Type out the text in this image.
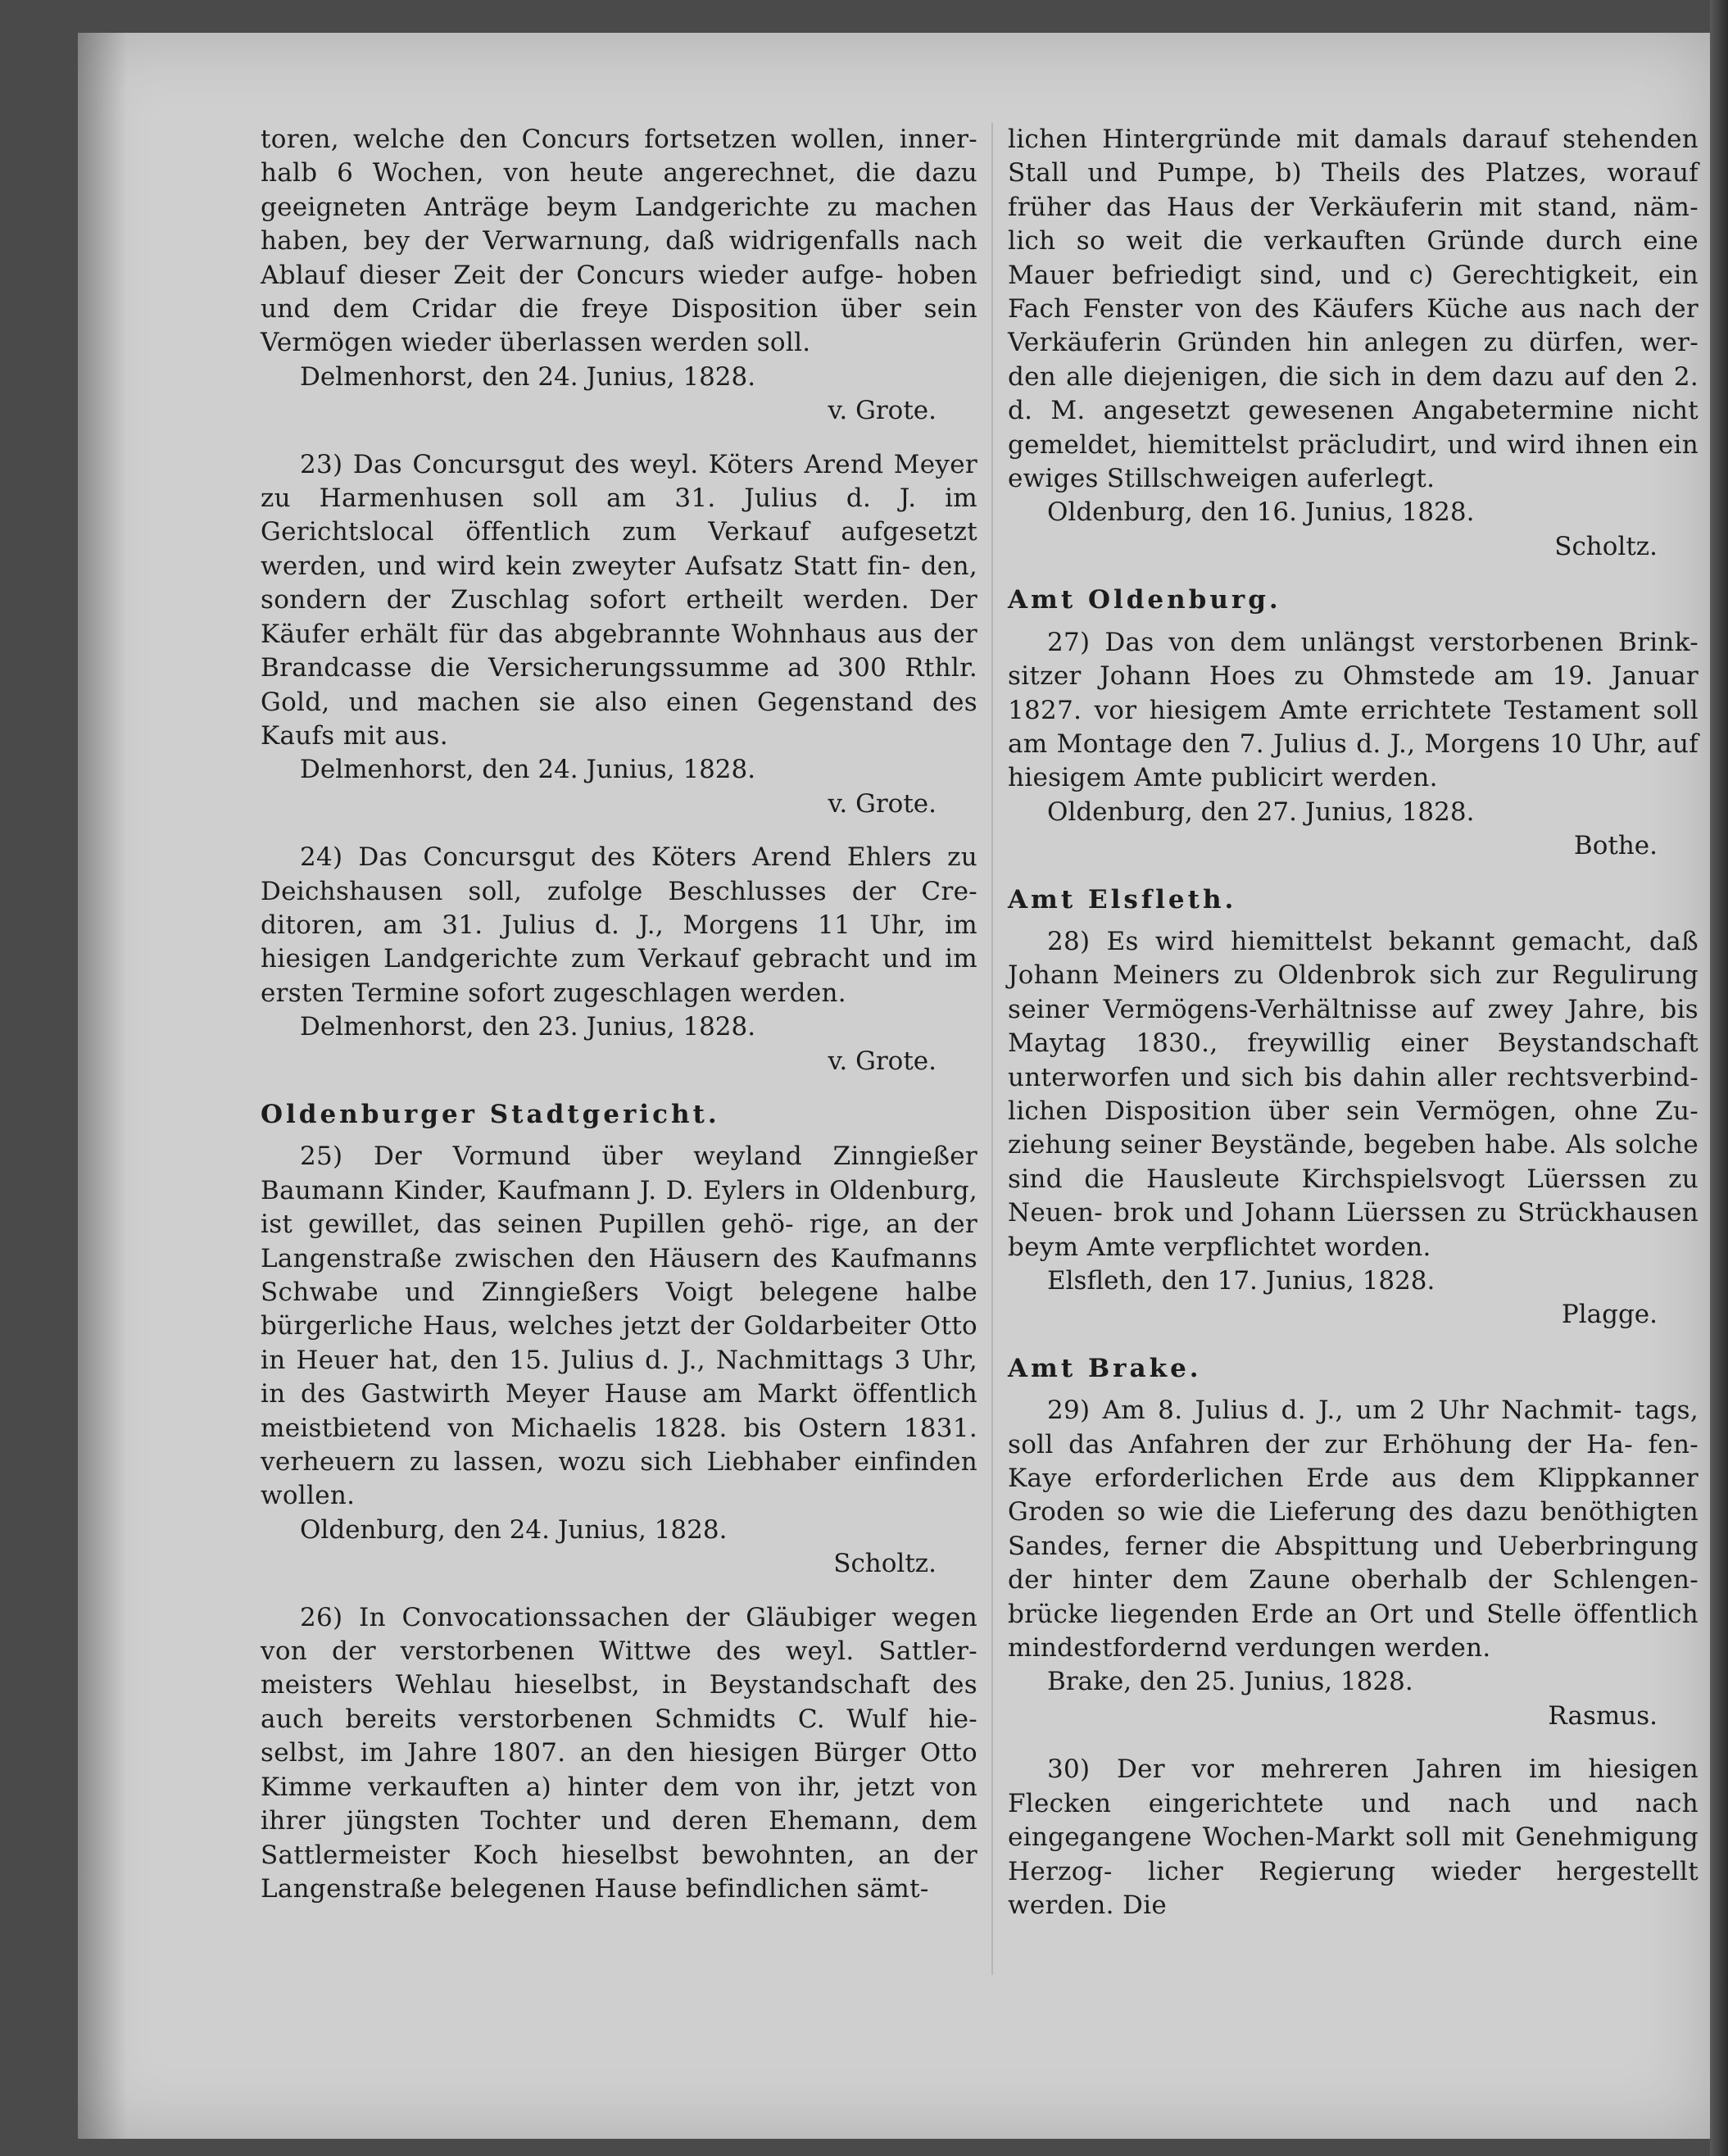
toren, welche den Concurs fortsetzen wollen, inner- halb 6 Wochen, von heute angerechnet, die dazu geeigneten Anträge beym Landgerichte zu machen haben, bey der Verwarnung, daß widrigenfalls nach Ablauf dieser Zeit der Concurs wieder aufge- hoben und dem Cridar die freye Disposition über sein Vermögen wieder überlassen werden soll.

Delmenhorst, den 24. Junius, 1828.

v. Grote.

23) Das Concursgut des weyl. Köters Arend Meyer zu Harmenhusen soll am 31. Julius d. J. im Gerichtslocal öffentlich zum Verkauf aufgesetzt werden, und wird kein zweyter Aufsatz Statt fin- den, sondern der Zuschlag sofort ertheilt werden. Der Käufer erhält für das abgebrannte Wohnhaus aus der Brandcasse die Versicherungssumme ad 300 Rthlr. Gold, und machen sie also einen Gegenstand des Kaufs mit aus.

Delmenhorst, den 24. Junius, 1828.

v. Grote.

24) Das Concursgut des Köters Arend Ehlers zu Deichshausen soll, zufolge Beschlusses der Cre- ditoren, am 31. Julius d. J., Morgens 11 Uhr, im hiesigen Landgerichte zum Verkauf gebracht und im ersten Termine sofort zugeschlagen werden.

Delmenhorst, den 23. Junius, 1828.

v. Grote.

Oldenburger Stadtgericht.

25) Der Vormund über weyland Zinngießer Baumann Kinder, Kaufmann J. D. Eylers in Oldenburg, ist gewillet, das seinen Pupillen gehö- rige, an der Langenstraße zwischen den Häusern des Kaufmanns Schwabe und Zinngießers Voigt belegene halbe bürgerliche Haus, welches jetzt der Goldarbeiter Otto in Heuer hat, den 15. Julius d. J., Nachmittags 3 Uhr, in des Gastwirth Meyer Hause am Markt öffentlich meistbietend von Michaelis 1828. bis Ostern 1831. verheuern zu lassen, wozu sich Liebhaber einfinden wollen.

Oldenburg, den 24. Junius, 1828.

Scholtz.

26) In Convocationssachen der Gläubiger wegen von der verstorbenen Wittwe des weyl. Sattler- meisters Wehlau hieselbst, in Beystandschaft des auch bereits verstorbenen Schmidts C. Wulf hie- selbst, im Jahre 1807. an den hiesigen Bürger Otto Kimme verkauften a) hinter dem von ihr, jetzt von ihrer jüngsten Tochter und deren Ehemann, dem Sattlermeister Koch hieselbst bewohnten, an der Langenstraße belegenen Hause befindlichen sämt-

lichen Hintergründe mit damals darauf stehenden Stall und Pumpe, b) Theils des Platzes, worauf früher das Haus der Verkäuferin mit stand, näm- lich so weit die verkauften Gründe durch eine Mauer befriedigt sind, und c) Gerechtigkeit, ein Fach Fenster von des Käufers Küche aus nach der Verkäuferin Gründen hin anlegen zu dürfen, wer- den alle diejenigen, die sich in dem dazu auf den 2. d. M. angesetzt gewesenen Angabetermine nicht gemeldet, hiemittelst präcludirt, und wird ihnen ein ewiges Stillschweigen auferlegt.

Oldenburg, den 16. Junius, 1828.

Scholtz.

Amt Oldenburg.

27) Das von dem unlängst verstorbenen Brink- sitzer Johann Hoes zu Ohmstede am 19. Januar 1827. vor hiesigem Amte errichtete Testament soll am Montage den 7. Julius d. J., Morgens 10 Uhr, auf hiesigem Amte publicirt werden.

Oldenburg, den 27. Junius, 1828.

Bothe.

Amt Elsfleth.

28) Es wird hiemittelst bekannt gemacht, daß Johann Meiners zu Oldenbrok sich zur Regulirung seiner Vermögens-Verhältnisse auf zwey Jahre, bis Maytag 1830., freywillig einer Beystandschaft unterworfen und sich bis dahin aller rechtsverbind- lichen Disposition über sein Vermögen, ohne Zu- ziehung seiner Beystände, begeben habe. Als solche sind die Hausleute Kirchspielsvogt Lüerssen zu Neuen- brok und Johann Lüerssen zu Strückhausen beym Amte verpflichtet worden.

Elsfleth, den 17. Junius, 1828.

Plagge.

Amt Brake.

29) Am 8. Julius d. J., um 2 Uhr Nachmit- tags, soll das Anfahren der zur Erhöhung der Ha- fen-Kaye erforderlichen Erde aus dem Klippkanner Groden so wie die Lieferung des dazu benöthigten Sandes, ferner die Abspittung und Ueberbringung der hinter dem Zaune oberhalb der Schlengen- brücke liegenden Erde an Ort und Stelle öffentlich mindestfordernd verdungen werden.

Brake, den 25. Junius, 1828.

Rasmus.

30) Der vor mehreren Jahren im hiesigen Flecken eingerichtete und nach und nach eingegangene Wochen-Markt soll mit Genehmigung Herzog- licher Regierung wieder hergestellt werden. Die
